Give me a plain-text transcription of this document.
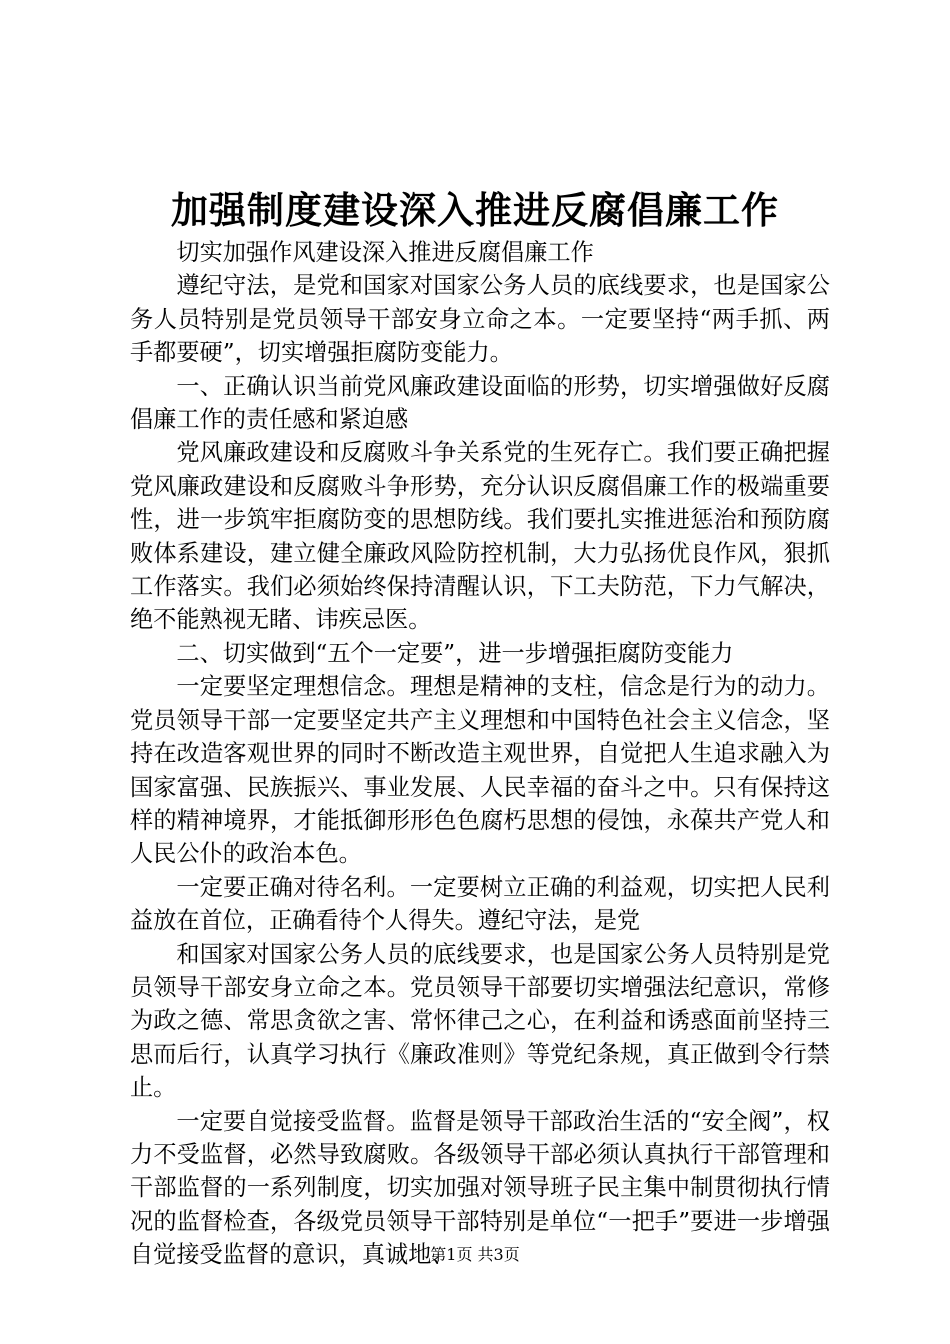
加强制度建设深入推进反腐倡廉工作

切实加强作风建设深入推进反腐倡廉工作

遵纪守法，是党和国家对国家公务人员的底线要求，也是国家公务人员特别是党员领导干部安身立命之本。一定要坚持“两手抓、两手都要硬”，切实增强拒腐防变能力。

一、正确认识当前党风廉政建设面临的形势，切实增强做好反腐倡廉工作的责任感和紧迫感

党风廉政建设和反腐败斗争关系党的生死存亡。我们要正确把握党风廉政建设和反腐败斗争形势，充分认识反腐倡廉工作的极端重要性，进一步筑牢拒腐防变的思想防线。我们要扎实推进惩治和预防腐败体系建设，建立健全廉政风险防控机制，大力弘扬优良作风，狠抓工作落实。我们必须始终保持清醒认识，下工夫防范，下力气解决，绝不能熟视无睹、讳疾忌医。

二、切实做到“五个一定要”，进一步增强拒腐防变能力

一定要坚定理想信念。理想是精神的支柱，信念是行为的动力。党员领导干部一定要坚定共产主义理想和中国特色社会主义信念，坚持在改造客观世界的同时不断改造主观世界，自觉把人生追求融入为国家富强、民族振兴、事业发展、人民幸福的奋斗之中。只有保持这样的精神境界，才能抵御形形色色腐朽思想的侵蚀，永葆共产党人和人民公仆的政治本色。

一定要正确对待名利。一定要树立正确的利益观，切实把人民利益放在首位，正确看待个人得失。遵纪守法，是党

和国家对国家公务人员的底线要求，也是国家公务人员特别是党员领导干部安身立命之本。党员领导干部要切实增强法纪意识，常修为政之德、常思贪欲之害、常怀律己之心，在利益和诱惑面前坚持三思而后行，认真学习执行《廉政准则》等党纪条规，真正做到令行禁止。

一定要自觉接受监督。监督是领导干部政治生活的“安全阀”，权力不受监督，必然导致腐败。各级领导干部必须认真执行干部管理和干部监督的一系列制度，切实加强对领导班子民主集中制贯彻执行情况的监督检查，各级党员领导干部特别是单位“一把手”要进一步增强自觉接受监督的意识，真诚地、

第1页 共3页
